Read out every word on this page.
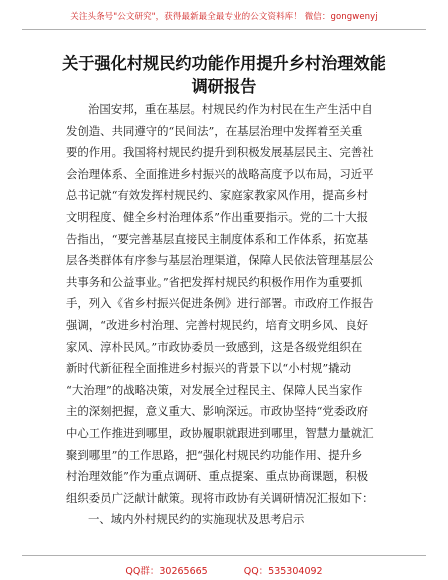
关注头条号"公文研究"，获得最新最全最专业的公文资料库！ 微信：gongwenyj
关于强化村规民约功能作用提升乡村治理效能
调研报告
治国安邦，重在基层。村规民约作为村民在生产生活中自
发创造、共同遵守的“民间法”，在基层治理中发挥着至关重
要的作用。我国将村规民约提升到积极发展基层民主、完善社
会治理体系、全面推进乡村振兴的战略高度予以布局，习近平
总书记就“有效发挥村规民约、家庭家教家风作用，提高乡村
文明程度、健全乡村治理体系”作出重要指示。党的二十大报
告指出，“要完善基层直接民主制度体系和工作体系，拓宽基
层各类群体有序参与基层治理渠道，保障人民依法管理基层公
共事务和公益事业。”省把发挥村规民约积极作用作为重要抓
手，列入《省乡村振兴促进条例》进行部署。市政府工作报告
强调，“改进乡村治理、完善村规民约，培育文明乡风、良好
家风、淳朴民风。”市政协委员一致感到，这是各级党组织在
新时代新征程全面推进乡村振兴的背景下以“小村规”撬动
“大治理”的战略决策，对发展全过程民主、保障人民当家作
主的深刻把握，意义重大、影响深远。市政协坚持“党委政府
中心工作推进到哪里，政协履职就跟进到哪里，智慧力量就汇
聚到哪里”的工作思路，把“强化村规民约功能作用、提升乡
村治理效能”作为重点调研、重点提案、重点协商课题，积极
组织委员广泛献计献策。现将市政协有关调研情况汇报如下：
一、域内外村规民约的实施现状及思考启示
QQ群：30265665	QQ：535304092
